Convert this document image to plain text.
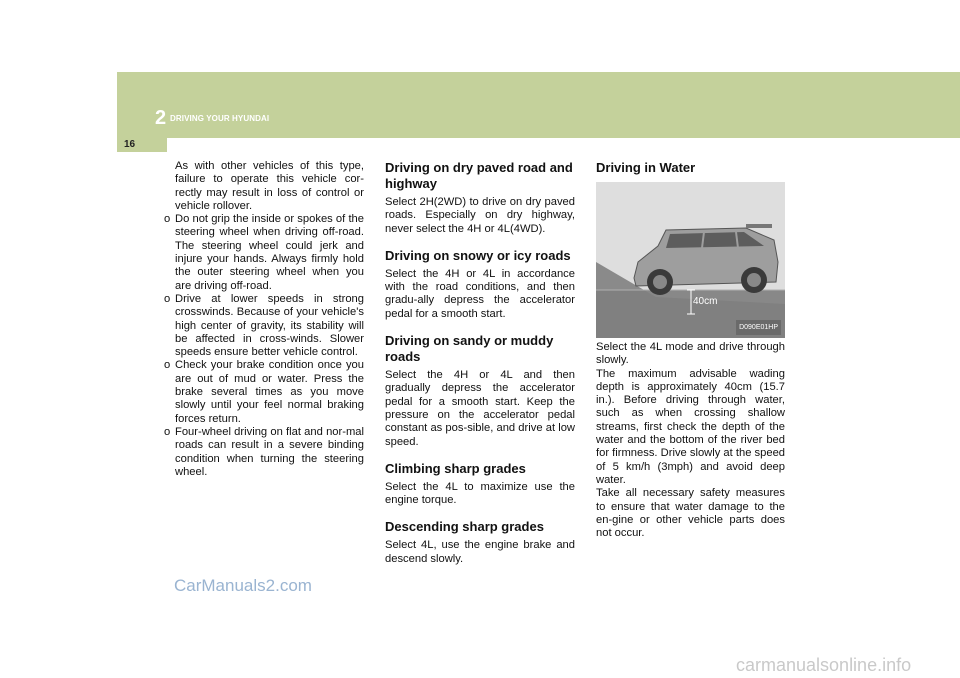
2 DRIVING YOUR HYUNDAI
16

As with other vehicles of this type, failure to operate this vehicle cor-rectly may result in loss of control or vehicle rollover.

o Do not grip the inside or spokes of the steering wheel when driving off-road. The steering wheel could jerk and injure your hands. Always firmly hold the outer steering wheel when you are driving off-road.
o Drive at lower speeds in strong crosswinds. Because of your vehicle's high center of gravity, its stability will be affected in cross-winds. Slower speeds ensure better vehicle control.
o Check your brake condition once you are out of mud or water. Press the brake several times as you move slowly until your feel normal braking forces return.
o Four-wheel driving on flat and nor-mal roads can result in a severe binding condition when turning the steering wheel.
Driving on dry paved road and highway

Select 2H(2WD) to drive on dry paved roads. Especially on dry highway, never select the 4H or 4L(4WD).

Driving on snowy or icy roads

Select the 4H or 4L in accordance with the road conditions, and then gradu-ally depress the accelerator pedal for a smooth start.

Driving on sandy or muddy roads

Select the 4H or 4L and then gradually depress the accelerator pedal for a smooth start. Keep the pressure on the accelerator pedal constant as pos-sible, and drive at low speed.

Climbing sharp grades

Select the 4L to maximize use the engine torque.

Descending sharp grades

Select 4L, use the engine brake and descend slowly.

Driving in Water
40cm
D090E01HP

Select the 4L mode and drive through slowly.

The maximum advisable wading depth is approximately 40cm (15.7 in.). Before driving through water, such as when crossing shallow streams, first check the depth of the water and the bottom of the river bed for firmness. Drive slowly at the speed of 5 km/h (3mph) and avoid deep water.

Take all necessary safety measures to ensure that water damage to the en-gine or other vehicle parts does not occur.

CarManuals2.com
carmanualsonline.info
